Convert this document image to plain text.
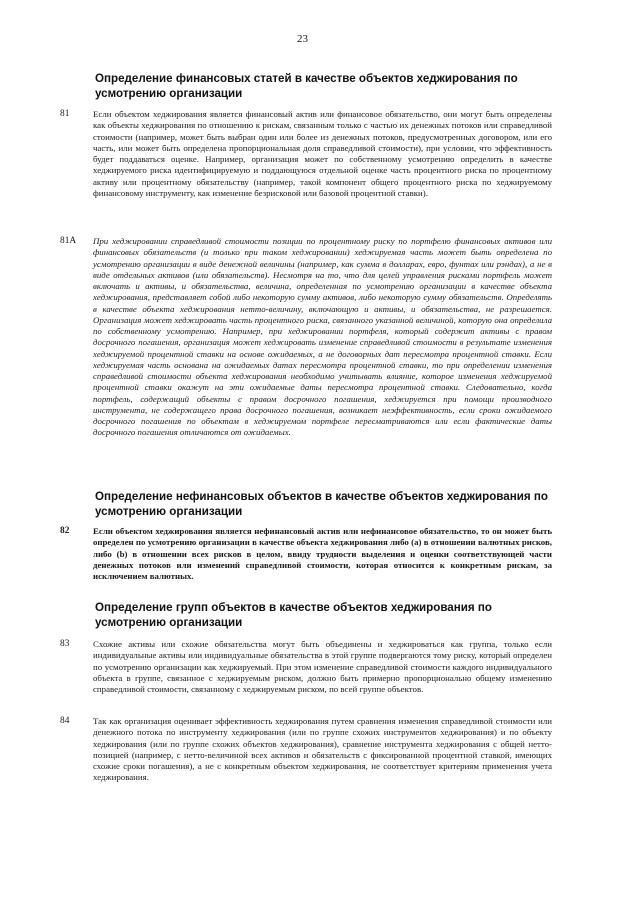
23
Определение финансовых статей в качестве объектов хеджирования по усмотрению организации
81	Если объектом хеджирования является финансовый актив или финансовое обязательство, они могут быть определены как объекты хеджирования по отношению к рискам, связанным только с частью их денежных потоков или справедливой стоимости (например, может быть выбран один или более из денежных потоков, предусмотренных договором, или его часть, или может быть определена пропорциональная доля справедливой стоимости), при условии, что эффективность будет поддаваться оценке. Например, организация может по собственному усмотрению определить в качестве хеджируемого риска идентифицируемую и поддающуюся отдельной оценке часть процентного риска по процентному активу или процентному обязательству (например, такой компонент общего процентного риска по хеджируемому финансовому инструменту, как изменение безрисковой или базовой процентной ставки).

81А При хеджировании справедливой стоимости позиции по процентному риску по портфелю финансовых активов или финансовых обязательств (и только при таком хеджировании) хеджируемая часть может быть определена по усмотрению организации в виде денежной величины (например, как сумма в долларах, евро, фунтах или рэндах), а не в виде отдельных активов (или обязательств). Несмотря на то, что для целей управления рисками портфель может включать и активы, и обязательства, величина, определенная по усмотрению организации в качестве объекта хеджирования, представляет собой либо некоторую сумму активов, либо некоторую сумму обязательств. Определять в качестве объекта хеджирования нетто-величину, включающую и активы, и обязательства, не разрешается. Организация может хеджировать часть процентного риска, связанного указанной величиной, которую она определила по собственному усмотрению. Например, при хеджировании портфеля, который содержит активы с правом досрочного погашения, организация может хеджировать изменение справедливой стоимости в результате изменения хеджируемой процентной ставки на основе ожидаемых, а не договорных дат пересмотра процентной ставки. Если хеджируемая часть основана на ожидаемых датах пересмотра процентной ставки, то при определении изменения справедливой стоимости объекта хеджирования необходимо учитывать влияние, которое изменения хеджируемой процентной ставки окажут на эти ожидаемые даты пересмотра процентной ставки. Следовательно, когда портфель, содержащий объекты с правом досрочного погашения, хеджируется при помощи производного инструмента, не содержащего права досрочного погашения, возникает неэффективность, если сроки ожидаемого досрочного погашения по объектам в хеджируемом портфеле пересматриваются или если фактические даты досрочного погашения отличаются от ожидаемых.

Определение нефинансовых объектов в качестве объектов хеджирования по усмотрению организации
82	Если объектом хеджирования является нефинансовый актив или нефинансовое обязательство, то он может быть определен по усмотрению организации в качестве объекта хеджирования либо (a) в отношении валютных рисков, либо (b) в отношении всех рисков в целом, ввиду трудности выделения и оценки соответствующей части денежных потоков или изменений справедливой стоимости, которая относится к конкретным рискам, за исключением валютных.

Определение групп объектов в качестве объектов хеджирования по усмотрению организации
83	Схожие активы или схожие обязательства могут быть объединены и хеджироваться как группа, только если индивидуальные активы или индивидуальные обязательства в этой группе подвергаются тому риску, который определен по усмотрению организации как хеджируемый. При этом изменение справедливой стоимости каждого индивидуального объекта в группе, связанное с хеджируемым риском, должно быть примерно пропорционально общему изменению справедливой стоимости, связанному с хеджируемым риском, по всей группе объектов.

84	Так как организация оценивает эффективность хеджирования путем сравнения изменения справедливой стоимости или денежного потока по инструменту хеджирования (или по группе схожих инструментов хеджирования) и по объекту хеджирования (или по группе схожих объектов хеджирования), сравнение инструмента хеджирования с общей нетто-позицией (например, с нетто-величиной всех активов и обязательств с фиксированной процентной ставкой, имеющих схожие сроки погашения), а не с конкретным объектом хеджирования, не соответствует критериям применения учета хеджирования.
